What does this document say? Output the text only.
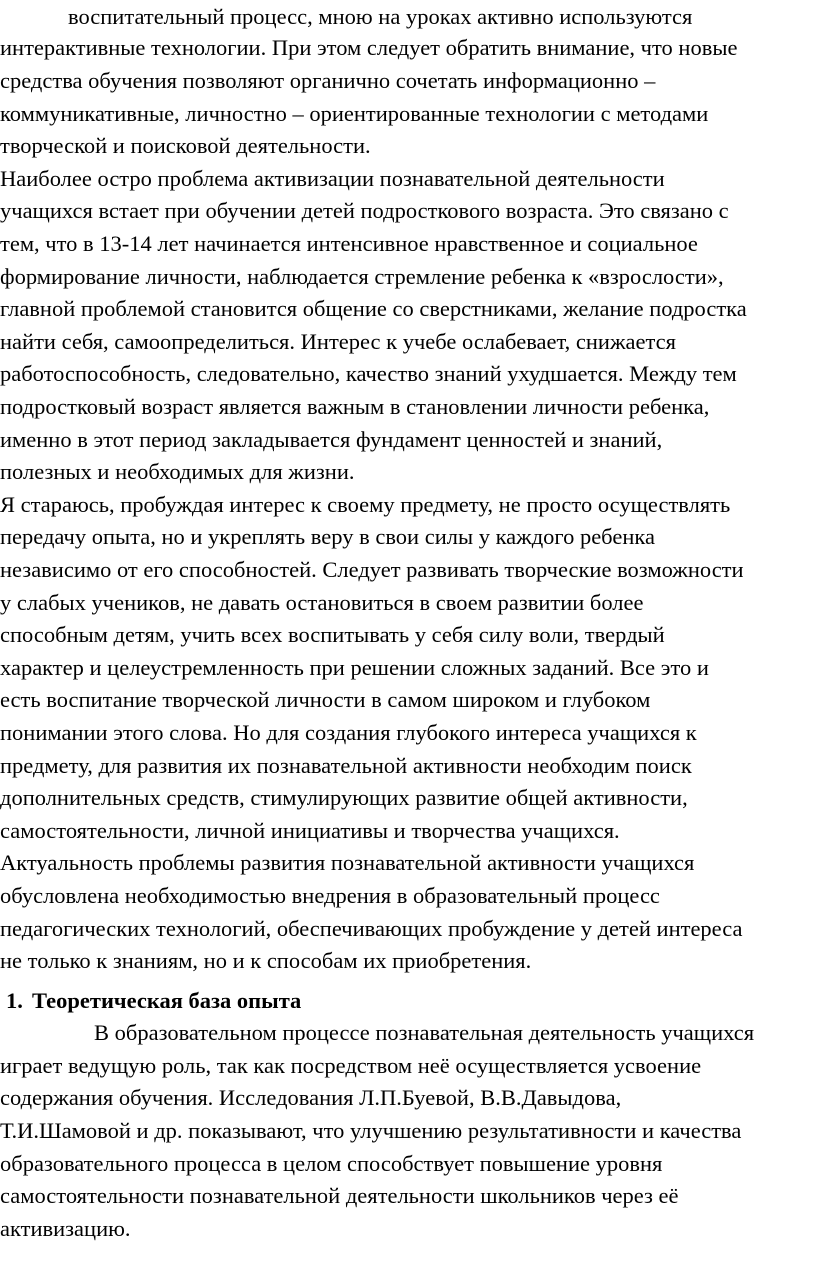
воспитательный процесс, мною на уроках активно используются
интерактивные технологии. При этом следует обратить внимание, что новые
средства обучения позволяют органично сочетать информационно –
коммуникативные, личностно – ориентированные технологии с методами
творческой и поисковой деятельности.
Наиболее остро проблема активизации познавательной деятельности
учащихся встает при обучении детей подросткового возраста. Это связано с
тем, что в 13-14 лет начинается интенсивное нравственное и социальное
формирование личности, наблюдается стремление ребенка к «взрослости»,
главной проблемой становится общение со сверстниками, желание подростка
найти себя, самоопределиться. Интерес к учебе ослабевает, снижается
работоспособность, следовательно, качество знаний ухудшается. Между тем
подростковый возраст является важным в становлении личности ребенка,
именно в этот период закладывается фундамент ценностей и знаний,
полезных и необходимых для жизни.
Я стараюсь, пробуждая интерес к своему предмету, не просто осуществлять
передачу опыта, но и укреплять веру в свои силы у каждого ребенка
независимо от его способностей. Следует развивать творческие возможности
у слабых учеников, не давать остановиться в своем развитии более
способным детям, учить всех воспитывать у себя силу воли, твердый
характер и целеустремленность при решении сложных заданий. Все это и
есть воспитание творческой личности в самом широком и глубоком
понимании этого слова. Но для создания глубокого интереса учащихся к
предмету, для развития их познавательной активности необходим поиск
дополнительных средств, стимулирующих развитие общей активности,
самостоятельности, личной инициативы и творчества учащихся.
Актуальность проблемы развития познавательной активности учащихся
обусловлена необходимостью внедрения в образовательный процесс
педагогических технологий, обеспечивающих пробуждение у детей интереса
не только к знаниям, но и к способам их приобретения.
1. Теоретическая база опыта
В образовательном процессе познавательная деятельность учащихся
играет ведущую роль, так как посредством неё осуществляется усвоение
содержания обучения. Исследования Л.П.Буевой, В.В.Давыдова,
Т.И.Шамовой и др. показывают, что улучшению результативности и качества
образовательного процесса в целом способствует повышение уровня
самостоятельности познавательной деятельности школьников через её
активизацию.
